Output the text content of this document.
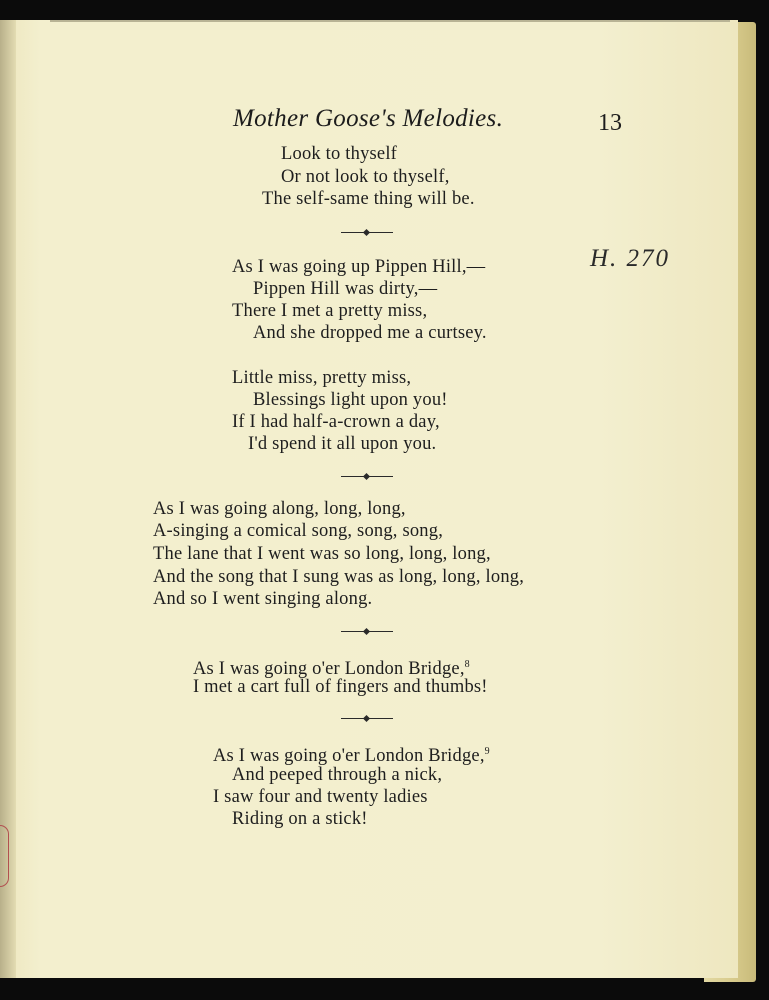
Mother Goose's Melodies.	13
H. 270
Look to thyself
Or not look to thyself,
The self-same thing will be.
As I was going up Pippen Hill,—
Pippen Hill was dirty,—
There I met a pretty miss,
And she dropped me a curtsey.
Little miss, pretty miss,
Blessings light upon you!
If I had half-a-crown a day,
I'd spend it all upon you.
As I was going along, long, long,
A-singing a comical song, song, song,
The lane that I went was so long, long, long,
And the song that I sung was as long, long, long,
And so I went singing along.
As I was going o'er London Bridge,$^8$
I met a cart full of fingers and thumbs!
As I was going o'er London Bridge,$^9$
And peeped through a nick,
I saw four and twenty ladies
Riding on a stick!
